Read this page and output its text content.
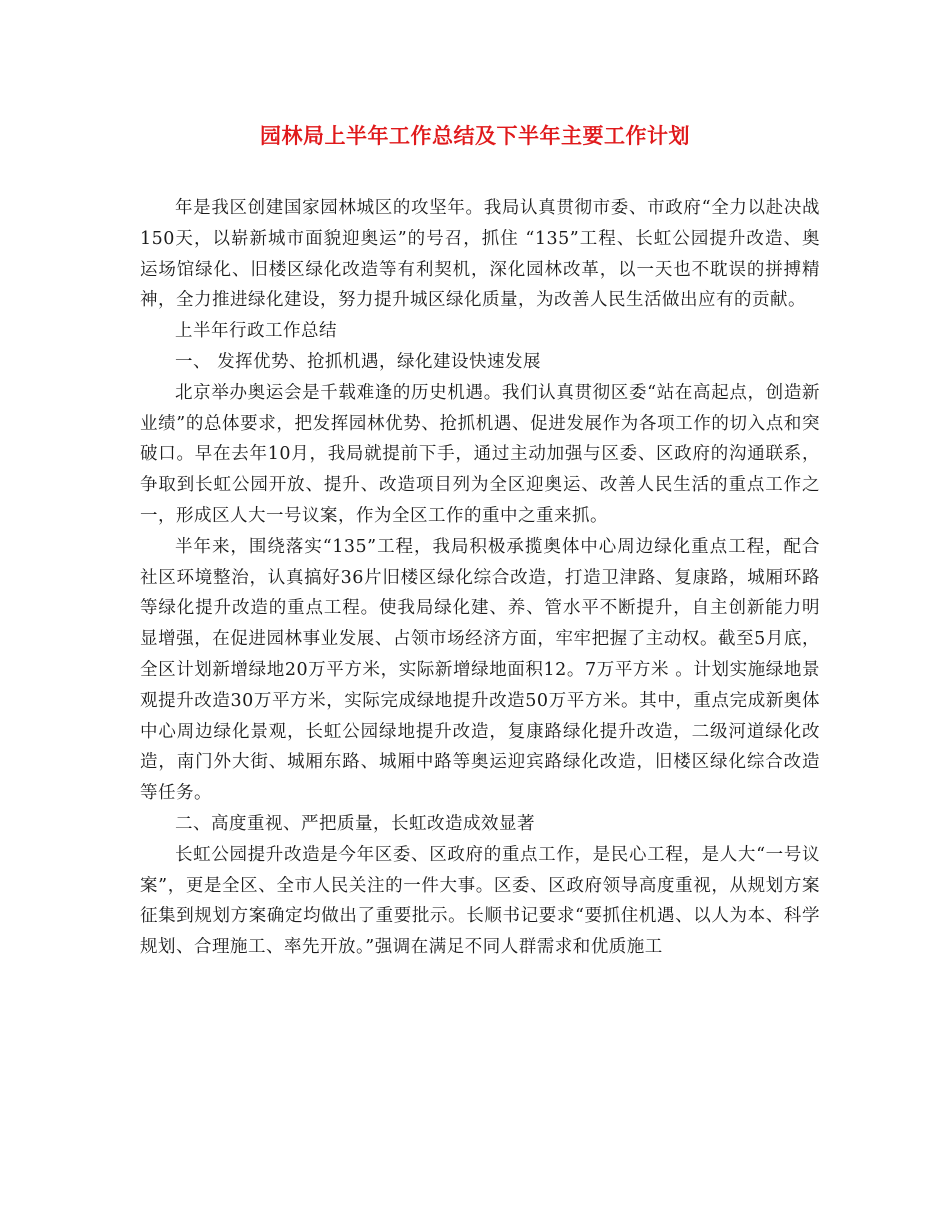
园林局上半年工作总结及下半年主要工作计划

年是我区创建国家园林城区的攻坚年。我局认真贯彻市委、市政府“全力以赴决战150天，以崭新城市面貌迎奥运”的号召，抓住 “135”工程、长虹公园提升改造、奥运场馆绿化、旧楼区绿化改造等有利契机，深化园林改革，以一天也不耽误的拼搏精神，全力推进绿化建设，努力提升城区绿化质量，为改善人民生活做出应有的贡献。

上半年行政工作总结

一、 发挥优势、抢抓机遇，绿化建设快速发展

北京举办奥运会是千载难逢的历史机遇。我们认真贯彻区委“站在高起点，创造新业绩”的总体要求，把发挥园林优势、抢抓机遇、促进发展作为各项工作的切入点和突破口。早在去年10月，我局就提前下手，通过主动加强与区委、区政府的沟通联系，争取到长虹公园开放、提升、改造项目列为全区迎奥运、改善人民生活的重点工作之一，形成区人大一号议案，作为全区工作的重中之重来抓。

半年来，围绕落实“135”工程，我局积极承揽奥体中心周边绿化重点工程，配合社区环境整治，认真搞好36片旧楼区绿化综合改造，打造卫津路、复康路，城厢环路等绿化提升改造的重点工程。使我局绿化建、养、管水平不断提升，自主创新能力明显增强，在促进园林事业发展、占领市场经济方面，牢牢把握了主动权。截至5月底，全区计划新增绿地20万平方米，实际新增绿地面积12。7万平方米 。计划实施绿地景观提升改造30万平方米，实际完成绿地提升改造50万平方米。其中，重点完成新奥体中心周边绿化景观，长虹公园绿地提升改造，复康路绿化提升改造，二级河道绿化改造，南门外大街、城厢东路、城厢中路等奥运迎宾路绿化改造，旧楼区绿化综合改造等任务。

二、高度重视、严把质量，长虹改造成效显著

长虹公园提升改造是今年区委、区政府的重点工作，是民心工程，是人大“一号议案”，更是全区、全市人民关注的一件大事。区委、区政府领导高度重视，从规划方案征集到规划方案确定均做出了重要批示。长顺书记要求“要抓住机遇、以人为本、科学规划、合理施工、率先开放。”强调在满足不同人群需求和优质施工
